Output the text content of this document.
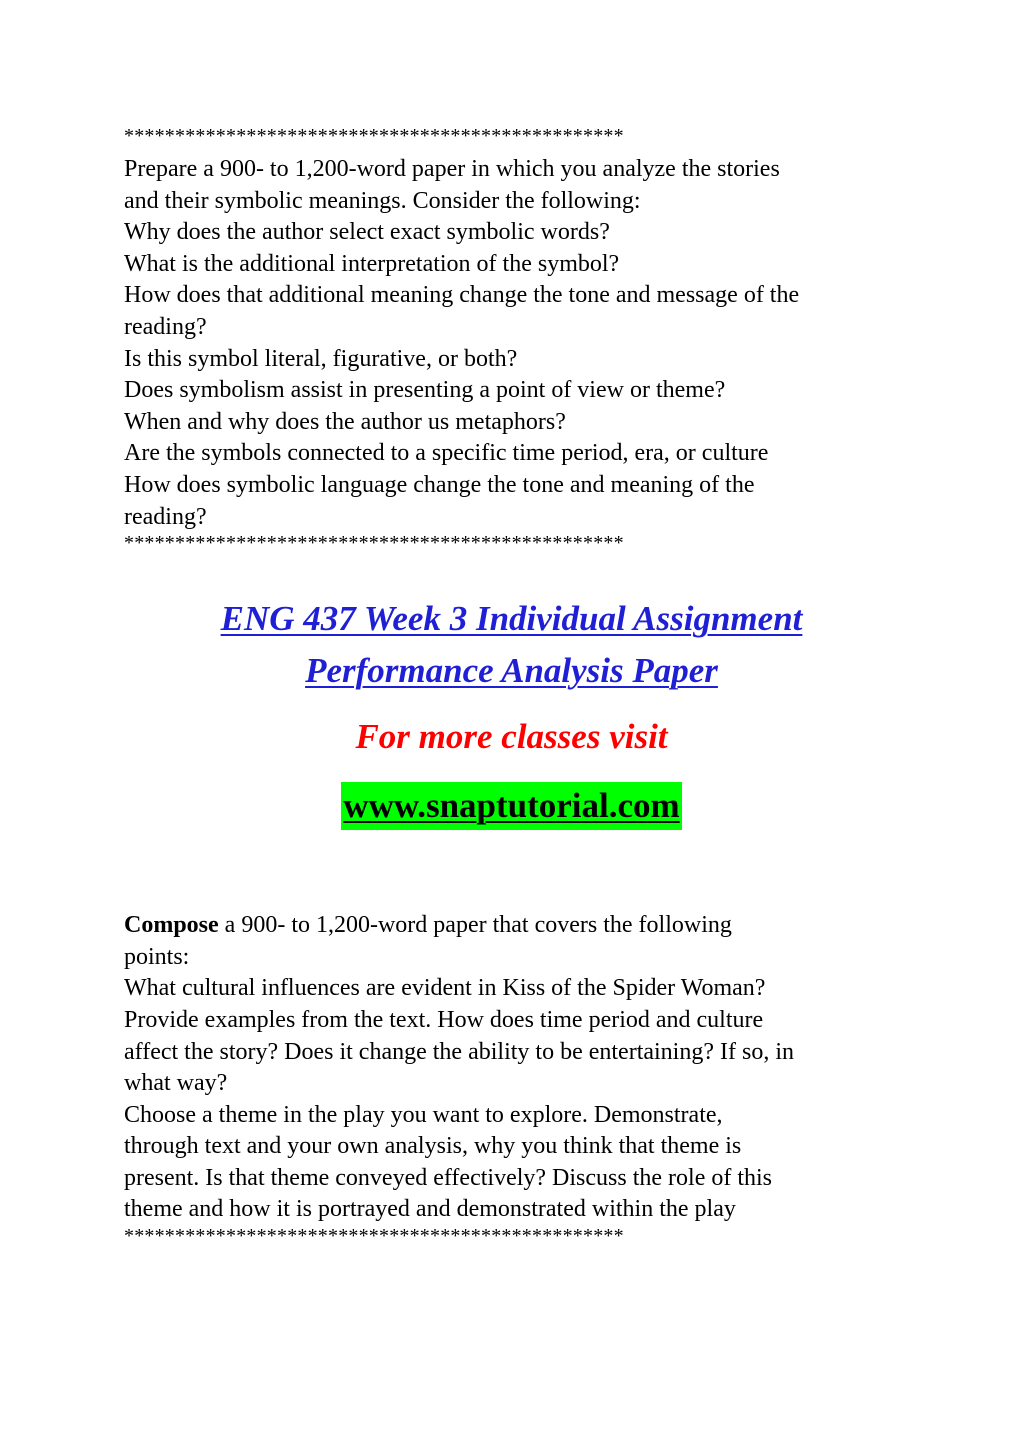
*************************************************
Prepare a 900- to 1,200-word paper in which you analyze the stories
and their symbolic meanings. Consider the following:
Why does the author select exact symbolic words?
What is the additional interpretation of the symbol?
How does that additional meaning change the tone and message of the
reading?
Is this symbol literal, figurative, or both?
Does symbolism assist in presenting a point of view or theme?
When and why does the author us metaphors?
Are the symbols connected to a specific time period, era, or culture
How does symbolic language change the tone and meaning of the
reading?
*************************************************
ENG 437 Week 3 Individual Assignment
Performance Analysis Paper
For more classes visit
www.snaptutorial.com
Compose a 900- to 1,200-word paper that covers the following
points:
What cultural influences are evident in Kiss of the Spider Woman?
Provide examples from the text. How does time period and culture
affect the story? Does it change the ability to be entertaining? If so, in
what way?
Choose a theme in the play you want to explore. Demonstrate,
through text and your own analysis, why you think that theme is
present. Is that theme conveyed effectively? Discuss the role of this
theme and how it is portrayed and demonstrated within the play
*************************************************
